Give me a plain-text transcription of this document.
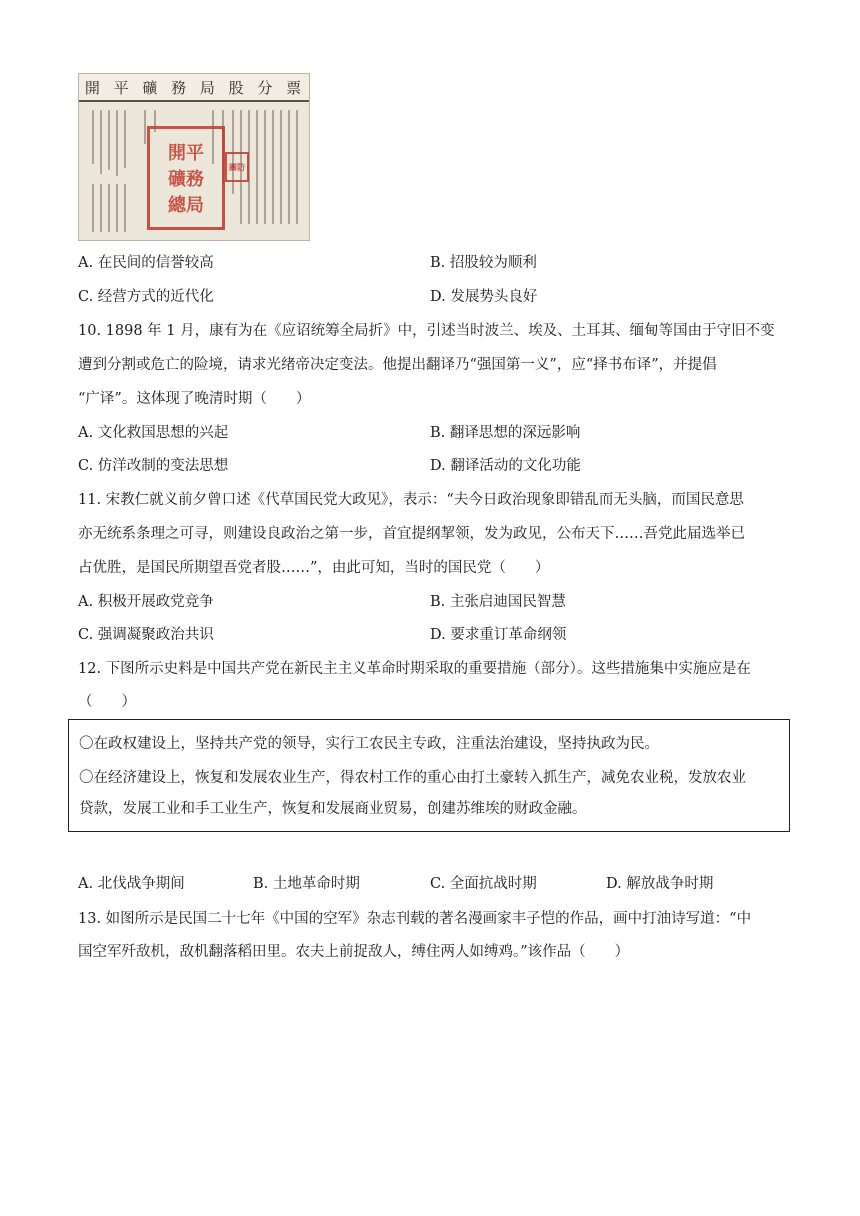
開 平 礦 務 局 股 分 票
開平
礦務
總局
關防
A. 在民间的信誉较高	B. 招股较为顺利
C. 经营方式的近代化	D. 发展势头良好
10. 1898 年 1 月，康有为在《应诏统筹全局折》中，引述当时波兰、埃及、土耳其、缅甸等国由于守旧不变
遭到分割或危亡的险境，请求光绪帝决定变法。他提出翻译乃“强国第一义”，应“择书布译”，并提倡
“广译”。这体现了晚清时期（　　）
A. 文化救国思想的兴起	B. 翻译思想的深远影响
C. 仿洋改制的变法思想	D. 翻译活动的文化功能
11. 宋教仁就义前夕曾口述《代草国民党大政见》，表示：“夫今日政治现象即错乱而无头脑，而国民意思
亦无统系条理之可寻，则建设良政治之第一步，首宜提纲挈领，发为政见，公布天下……吾党此届选举已
占优胜，是国民所期望吾党者股……”，由此可知，当时的国民党（　　）
A. 积极开展政党竞争	B. 主张启迪国民智慧
C. 强调凝聚政治共识	D. 要求重订革命纲领
12. 下图所示史料是中国共产党在新民主主义革命时期采取的重要措施（部分）。这些措施集中实施应是在
（　　）
〇在政权建设上，坚持共产党的领导，实行工农民主专政，注重法治建设，坚持执政为民。
〇在经济建设上，恢复和发展农业生产，得农村工作的重心由打土豪转入抓生产，减免农业税，发放农业
贷款，发展工业和手工业生产，恢复和发展商业贸易，创建苏维埃的财政金融。
A. 北伐战争期间	B. 土地革命时期	C. 全面抗战时期	D. 解放战争时期
13. 如图所示是民国二十七年《中国的空军》杂志刊载的著名漫画家丰子恺的作品，画中打油诗写道：“中
国空军歼敌机，敌机翻落稻田里。农夫上前捉敌人，缚住两人如缚鸡。”该作品（　　）
